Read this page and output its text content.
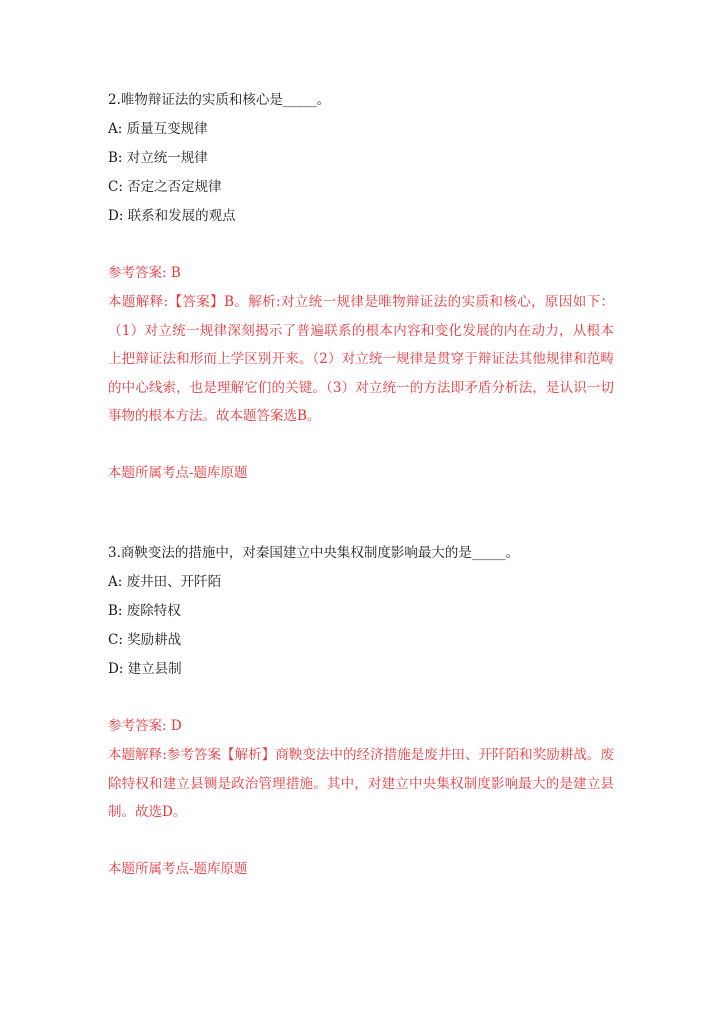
2.唯物辩证法的实质和核心是_____。
A: 质量互变规律
B: 对立统一规律
C: 否定之否定规律
D: 联系和发展的观点
参考答案: B
本题解释:【答案】B。解析:对立统一规律是唯物辩证法的实质和核心，原因如下：（1）对立统一规律深刻揭示了普遍联系的根本内容和变化发展的内在动力，从根本上把辩证法和形而上学区别开来。（2）对立统一规律是贯穿于辩证法其他规律和范畴的中心线索，也是理解它们的关键。（3）对立统一的方法即矛盾分析法，是认识一切事物的根本方法。故本题答案选B。
本题所属考点-题库原题
3.商鞅变法的措施中，对秦国建立中央集权制度影响最大的是_____。
A: 废井田、开阡陌
B: 废除特权
C: 奖励耕战
D: 建立县制
参考答案: D
本题解释:参考答案【解析】商鞅变法中的经济措施是废井田、开阡陌和奖励耕战。废除特权和建立县铡是政治管理措施。其中，对建立中央集权制度影响最大的是建立县制。故选D。
本题所属考点-题库原题
